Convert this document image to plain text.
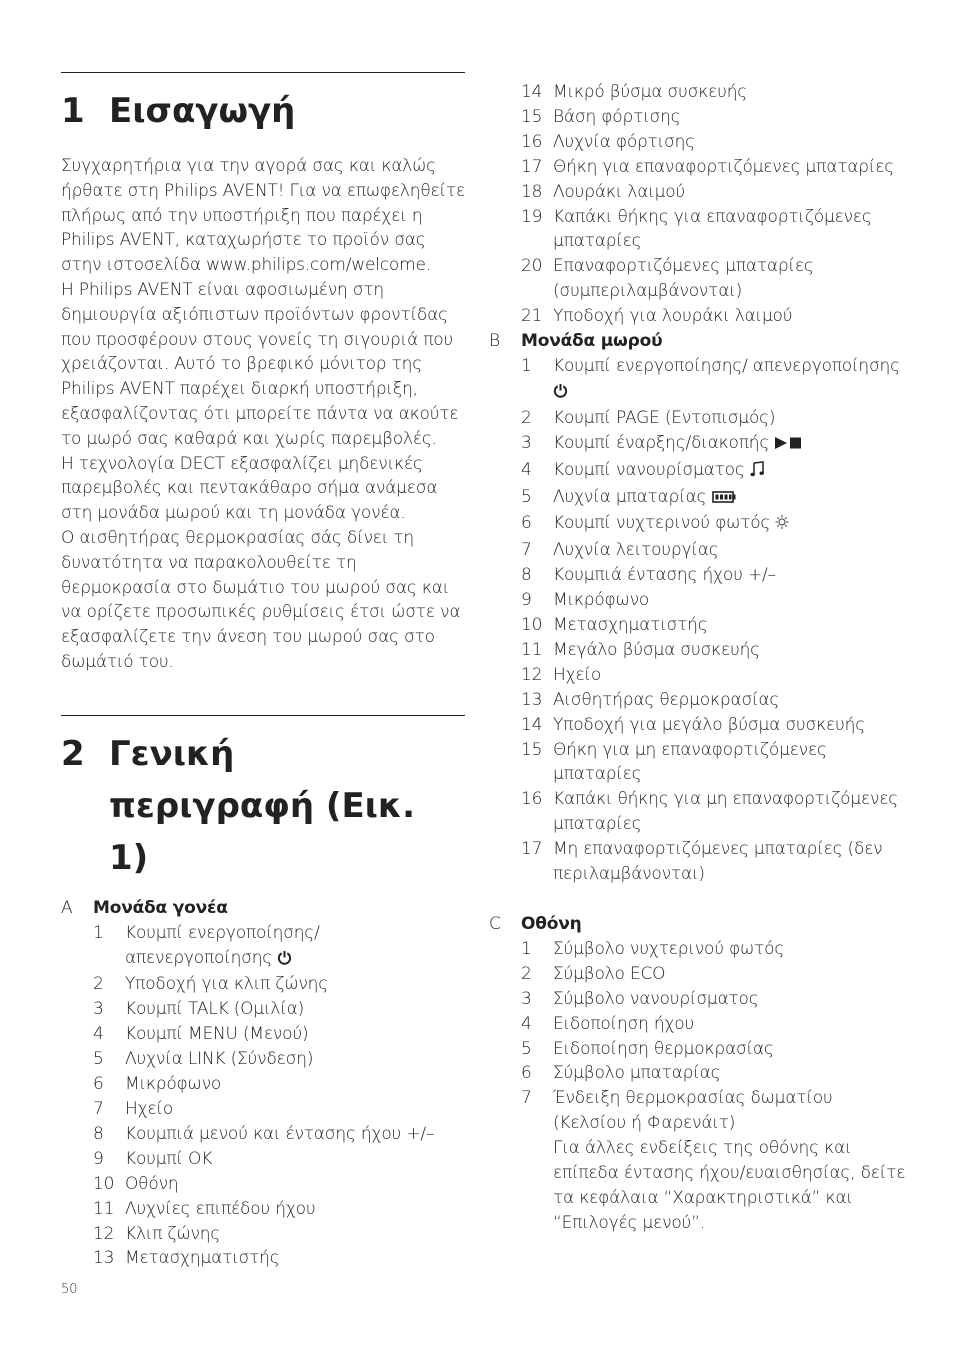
1 Εισαγωγή

Συγχαρητήρια για την αγορά σας και καλώς ήρθατε στη Philips AVENT! Για να επωφεληθείτε πλήρως από την υποστήριξη που παρέχει η Philips AVENT, καταχωρήστε το προϊόν σας στην ιστοσελίδα www.philips.com/welcome.

Η Philips AVENT είναι αφοσιωμένη στη δημιουργία αξιόπιστων προϊόντων φροντίδας που προσφέρουν στους γονείς τη σιγουριά που χρειάζονται. Αυτό το βρεφικό μόνιτορ της Philips AVENT παρέχει διαρκή υποστήριξη, εξασφαλίζοντας ότι μπορείτε πάντα να ακούτε το μωρό σας καθαρά και χωρίς παρεμβολές.

Η τεχνολογία DECT εξασφαλίζει μηδενικές παρεμβολές και πεντακάθαρο σήμα ανάμεσα στη μονάδα μωρού και τη μονάδα γονέα.

Ο αισθητήρας θερμοκρασίας σάς δίνει τη δυνατότητα να παρακολουθείτε τη θερμοκρασία στο δωμάτιο του μωρού σας και να ορίζετε προσωπικές ρυθμίσεις έτσι ώστε να εξασφαλίζετε την άνεση του μωρού σας στο δωμάτιό του.

2 Γενική
περιγραφή (Εικ. 1)
A	Μονάδα γονέα
1	Κουμπί ενεργοποίησης/ απενεργοποίησης
2	Υποδοχή για κλιπ ζώνης
3	Κουμπί TALK (Ομιλία)
4	Κουμπί MENU (Μενού)
5	Λυχνία LINK (Σύνδεση)
6	Μικρόφωνο
7	Ηχείο
8	Κουμπιά μενού και έντασης ήχου +/–
9	Κουμπί OK
10 Οθόνη
11 Λυχνίες επιπέδου ήχου
12 Κλιπ ζώνης
13 Μετασχηματιστής
14 Μικρό βύσμα συσκευής
15 Βάση φόρτισης
16 Λυχνία φόρτισης
17 Θήκη για επαναφορτιζόμενες μπαταρίες
18 Λουράκι λαιμού
19 Καπάκι θήκης για επαναφορτιζόμενες μπαταρίες
20 Επαναφορτιζόμενες μπαταρίες (συμπεριλαμβάνονται)
21 Υποδοχή για λουράκι λαιμού
B	Μονάδα μωρού
1	Κουμπί ενεργοποίησης/ απενεργοποίησης
2	Κουμπί PAGE (Εντοπισμός)
3	Κουμπί έναρξης/διακοπής
4	Κουμπί νανουρίσματος
5	Λυχνία μπαταρίας
6	Κουμπί νυχτερινού φωτός
7	Λυχνία λειτουργίας
8	Κουμπιά έντασης ήχου +/–
9	Μικρόφωνο
10 Μετασχηματιστής
11 Μεγάλο βύσμα συσκευής
12 Ηχείο
13 Αισθητήρας θερμοκρασίας
14 Υποδοχή για μεγάλο βύσμα συσκευής
15 Θήκη για μη επαναφορτιζόμενες μπαταρίες
16 Καπάκι θήκης για μη επαναφορτιζόμενες μπαταρίες
17 Μη επαναφορτιζόμενες μπαταρίες (δεν περιλαμβάνονται)
C	Οθόνη
1	Σύμβολο νυχτερινού φωτός
2	Σύμβολο ECO
3	Σύμβολο νανουρίσματος
4	Ειδοποίηση ήχου
5	Ειδοποίηση θερμοκρασίας
6	Σύμβολο μπαταρίας
7	Ένδειξη θερμοκρασίας δωματίου (Κελσίου ή Φαρενάιτ)
Για άλλες ενδείξεις της οθόνης και επίπεδα έντασης ήχου/ευαισθησίας, δείτε τα κεφάλαια “Χαρακτηριστικά” και “Επιλογές μενού”.
50
